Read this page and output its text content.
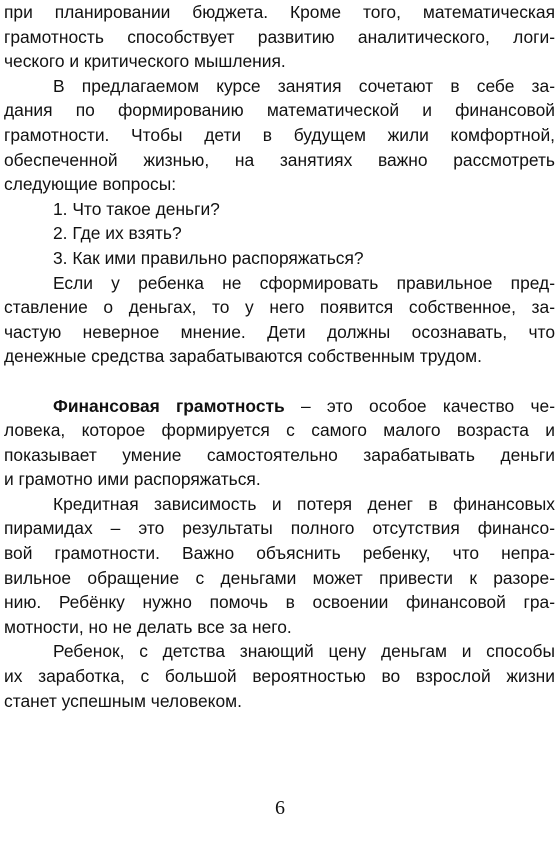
при планировании бюджета. Кроме того, математическая
грамотность способствует развитию аналитического, логи-
ческого и критического мышления.
В предлагаемом курсе занятия сочетают в себе за-
дания по формированию математической и финансовой
грамотности. Чтобы дети в будущем жили комфортной,
обеспеченной жизнью, на занятиях важно рассмотреть
следующие вопросы:
1. Что такое деньги?
2. Где их взять?
3. Как ими правильно распоряжаться?
Если у ребенка не сформировать правильное пред-
ставление о деньгах, то у него появится собственное, за-
частую неверное мнение. Дети должны осознавать, что
денежные средства зарабатываются собственным трудом.
Финансовая грамотность – это особое качество че-
ловека, которое формируется с самого малого возраста и
показывает умение самостоятельно зарабатывать деньги
и грамотно ими распоряжаться.
Кредитная зависимость и потеря денег в финансовых
пирамидах – это результаты полного отсутствия финансо-
вой грамотности. Важно объяснить ребенку, что непра-
вильное обращение с деньгами может привести к разоре-
нию. Ребёнку нужно помочь в освоении финансовой гра-
мотности, но не делать все за него.
Ребенок, с детства знающий цену деньгам и способы
их заработка, с большой вероятностью во взрослой жизни
станет успешным человеком.
6
